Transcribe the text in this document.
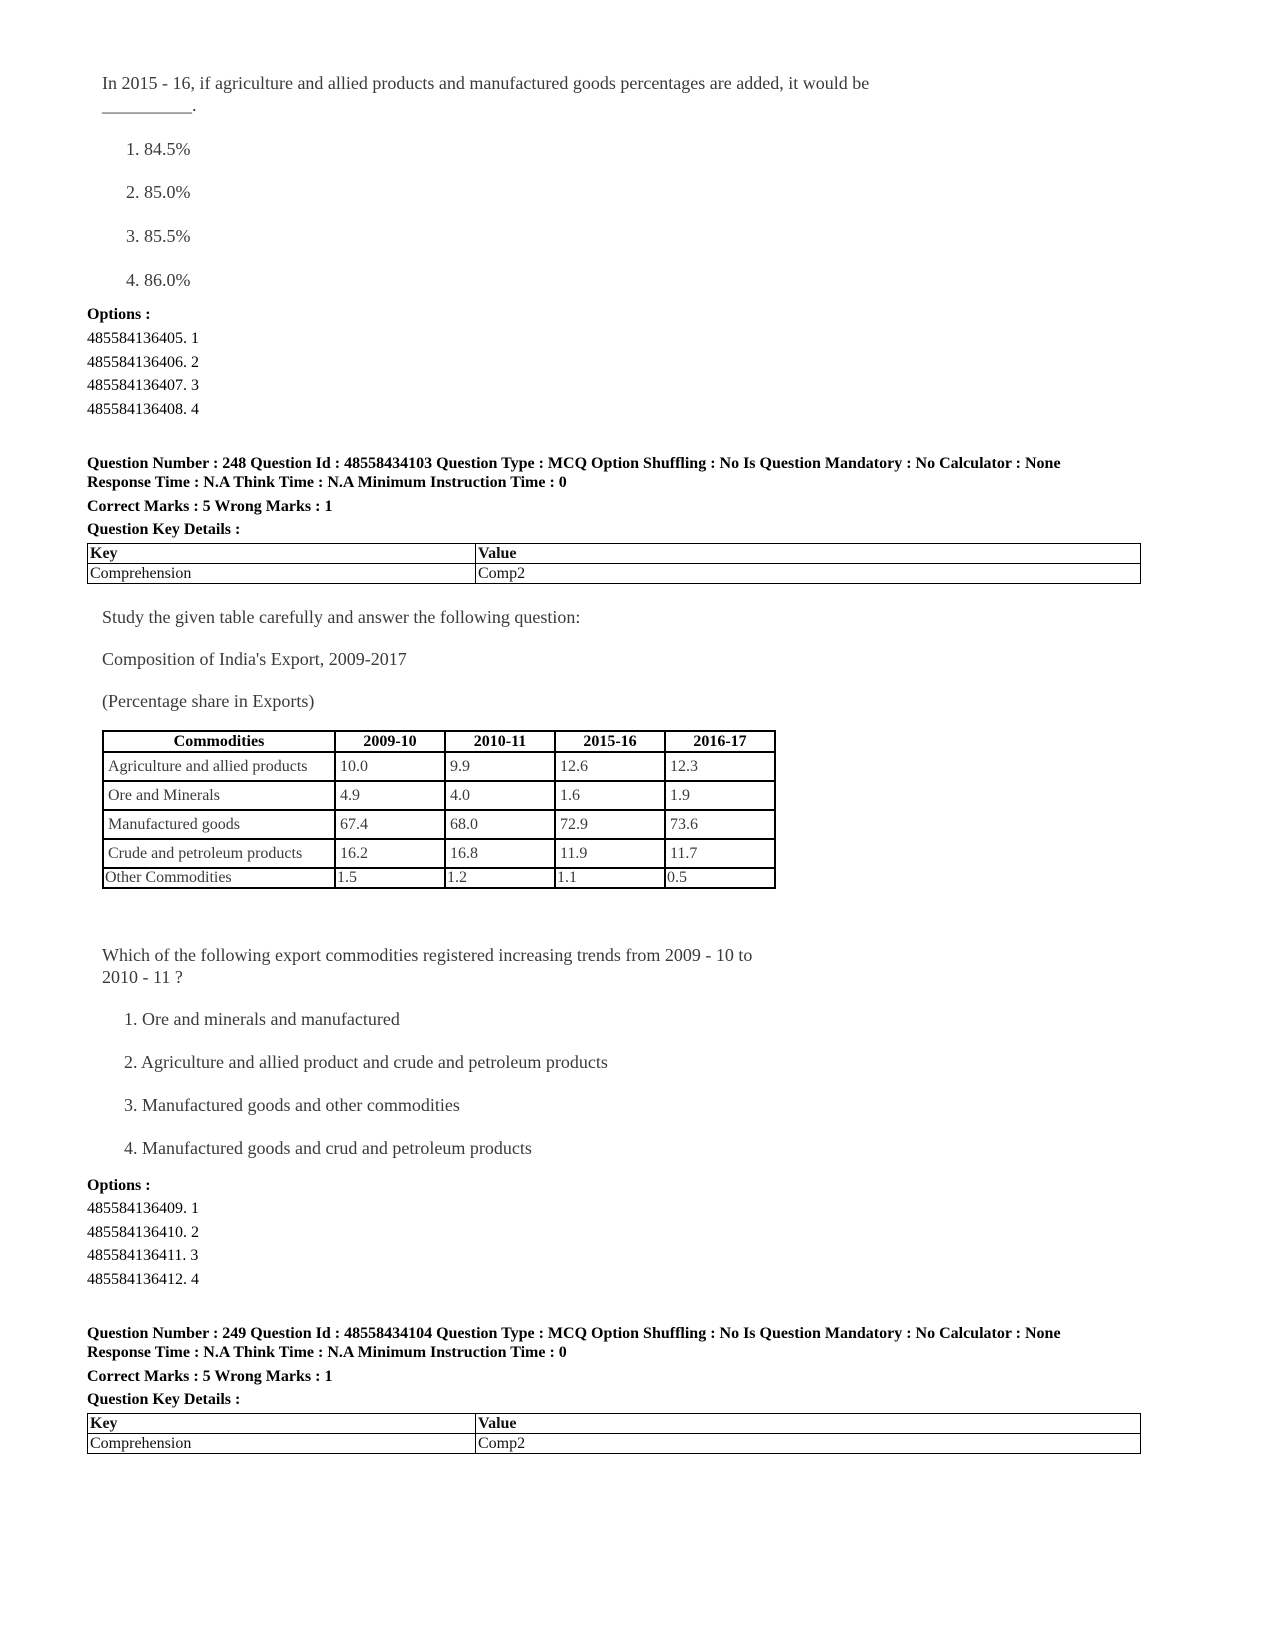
In 2015 - 16, if agriculture and allied products and manufactured goods percentages are added, it would be
__________.
1. 84.5%
2. 85.0%
3. 85.5%
4. 86.0%
Options :
485584136405. 1
485584136406. 2
485584136407. 3
485584136408. 4
Question Number : 248 Question Id : 48558434103 Question Type : MCQ Option Shuffling : No Is Question Mandatory : No Calculator : None
Response Time : N.A Think Time : N.A Minimum Instruction Time : 0
Correct Marks : 5 Wrong Marks : 1
Question Key Details :
Key	Value
Comprehension	Comp2
Study the given table carefully and answer the following question:
Composition of India's Export, 2009-2017
(Percentage share in Exports)
Commodities	2009-10	2010-11	2015-16	2016-17
Agriculture and allied products	10.0	9.9	12.6	12.3
Ore and Minerals	4.9	4.0	1.6	1.9
Manufactured goods	67.4	68.0	72.9	73.6
Crude and petroleum products	16.2	16.8	11.9	11.7
Other Commodities	1.5	1.2	1.1	0.5
Which of the following export commodities registered increasing trends from 2009 - 10 to
2010 - 11 ?
1. Ore and minerals and manufactured
2. Agriculture and allied product and crude and petroleum products
3. Manufactured goods and other commodities
4. Manufactured goods and crud and petroleum products
Options :
485584136409. 1
485584136410. 2
485584136411. 3
485584136412. 4
Question Number : 249 Question Id : 48558434104 Question Type : MCQ Option Shuffling : No Is Question Mandatory : No Calculator : None
Response Time : N.A Think Time : N.A Minimum Instruction Time : 0
Correct Marks : 5 Wrong Marks : 1
Question Key Details :
Key	Value
Comprehension	Comp2
